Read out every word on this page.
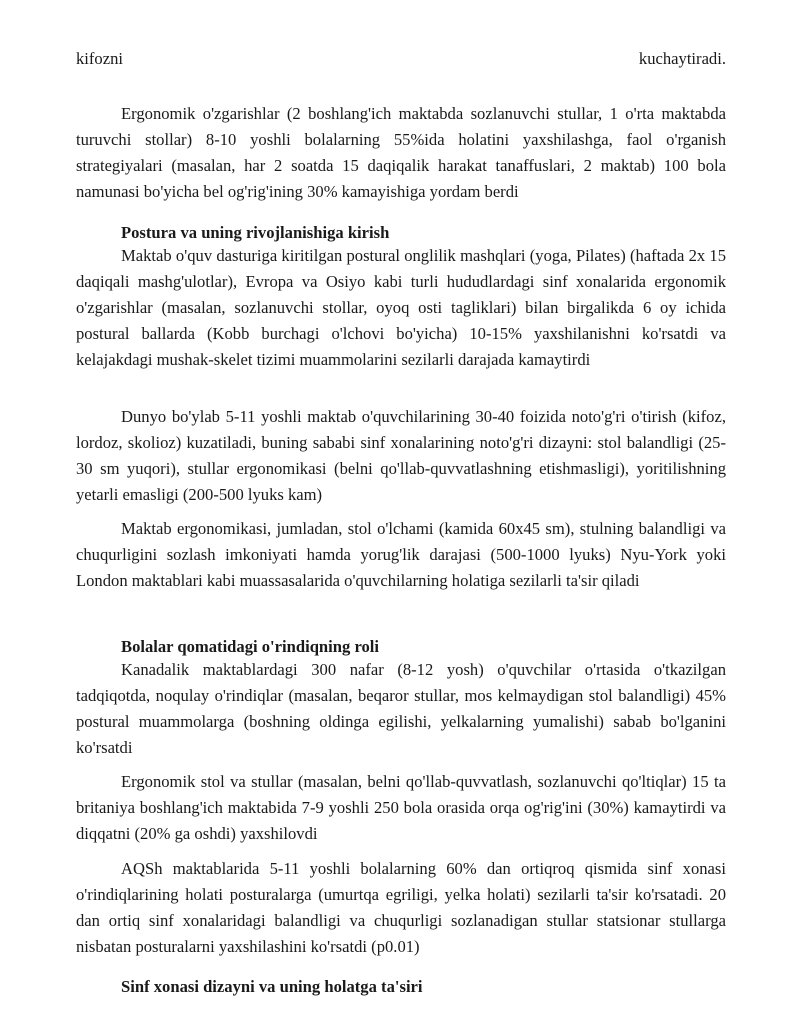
kifozni	kuchaytiradi.

Ergonomik o'zgarishlar (2 boshlang'ich maktabda sozlanuvchi stullar, 1 o'rta maktabda turuvchi stollar) 8-10 yoshli bolalarning 55%ida holatini yaxshilashga, faol o'rganish strategiyalari (masalan, har 2 soatda 15 daqiqalik harakat tanaffuslari, 2 maktab) 100 bola namunasi bo'yicha bel og'rig'ining 30% kamayishiga yordam berdi

Postura va uning rivojlanishiga kirish

Maktab o'quv dasturiga kiritilgan postural onglilik mashqlari (yoga, Pilates) (haftada 2x 15 daqiqali mashg'ulotlar), Evropa va Osiyo kabi turli hududlardagi sinf xonalarida ergonomik o'zgarishlar (masalan, sozlanuvchi stollar, oyoq osti tagliklari) bilan birgalikda 6 oy ichida postural ballarda (Kobb burchagi o'lchovi bo'yicha) 10-15% yaxshilanishni ko'rsatdi va kelajakdagi mushak-skelet tizimi muammolarini sezilarli darajada kamaytirdi

Dunyo bo'ylab 5-11 yoshli maktab o'quvchilarining 30-40 foizida noto'g'ri o'tirish (kifoz, lordoz, skolioz) kuzatiladi, buning sababi sinf xonalarining noto'g'ri dizayni: stol balandligi (25-30 sm yuqori), stullar ergonomikasi (belni qo'llab-quvvatlashning etishmasligi), yoritilishning yetarli emasligi (200-500 lyuks kam)

Maktab ergonomikasi, jumladan, stol o'lchami (kamida 60x45 sm), stulning balandligi va chuqurligini sozlash imkoniyati hamda yorug'lik darajasi (500-1000 lyuks) Nyu-York yoki London maktablari kabi muassasalarida o'quvchilarning holatiga sezilarli ta'sir qiladi

Bolalar qomatidagi o'rindiqning roli

Kanadalik maktablardagi 300 nafar (8-12 yosh) o'quvchilar o'rtasida o'tkazilgan tadqiqotda, noqulay o'rindiqlar (masalan, beqaror stullar, mos kelmaydigan stol balandligi) 45% postural muammolarga (boshning oldinga egilishi, yelkalarning yumalishi) sabab bo'lganini ko'rsatdi

Ergonomik stol va stullar (masalan, belni qo'llab-quvvatlash, sozlanuvchi qo'ltiqlar) 15 ta britaniya boshlang'ich maktabida 7-9 yoshli 250 bola orasida orqa og'rig'ini (30%) kamaytirdi va diqqatni (20% ga oshdi) yaxshilovdi

AQSh maktablarida 5-11 yoshli bolalarning 60% dan ortiqroq qismida sinf xonasi o'rindiqlarining holati posturalarga (umurtqa egriligi, yelka holati) sezilarli ta'sir ko'rsatadi. 20 dan ortiq sinf xonalaridagi balandligi va chuqurligi sozlanadigan stullar statsionar stullarga nisbatan posturalarni yaxshilashini ko'rsatdi (p0.01)

Sinf xonasi dizayni va uning holatga ta'siri
